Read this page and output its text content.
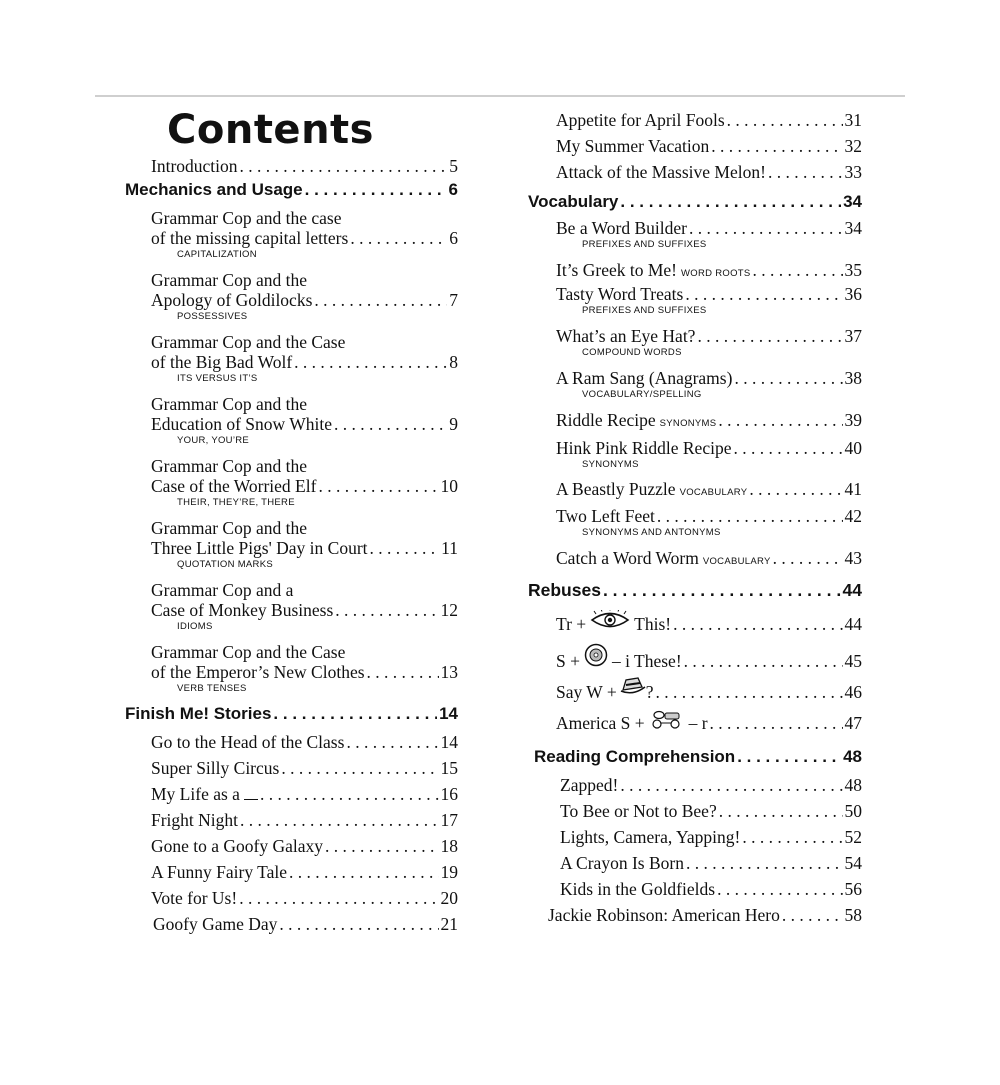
Contents
Introduction . . .	5
Mechanics and Usage . . .	6
Grammar Cop and the case
of the missing capital letters . . .	6
CAPITALIZATION
Grammar Cop and the
Apology of Goldilocks . . .	7
POSSESSIVES
Grammar Cop and the Case
of the Big Bad Wolf . . .	8
ITS VERSUS IT’S
Grammar Cop and the
Education of Snow White . . .	9
YOUR, YOU’RE
Grammar Cop and the
Case of the Worried Elf . . .	10
THEIR, THEY’RE, THERE
Grammar Cop and the
Three Little Pigs' Day in Court . . .	11
QUOTATION MARKS
Grammar Cop and a
Case of Monkey Business . . .	12
IDIOMS
Grammar Cop and the Case
of the Emperor’s New Clothes . . .	13
VERB TENSES
Finish Me! Stories . . .	14
Go to the Head of the Class . . .	14
Super Silly Circus . . .	15
My Life as a . . .	16
Fright Night . . .	17
Gone to a Goofy Galaxy . . .	18
A Funny Fairy Tale . . .	19
Vote for Us! . . .	20
Goofy Game Day . . .	21
Appetite for April Fools . . .	31
My Summer Vacation . . .	32
Attack of the Massive Melon! . . .	33
Vocabulary . . .	34
Be a Word Builder . . .	34
PREFIXES AND SUFFIXES
It’s Greek to Me! WORD ROOTS . . .	35
Tasty Word Treats . . .	36
PREFIXES AND SUFFIXES
What’s an Eye Hat? . . .	37
COMPOUND WORDS
A Ram Sang (Anagrams) . . .	38
VOCABULARY/SPELLING
Riddle Recipe SYNONYMS . . .	39
Hink Pink Riddle Recipe . . .	40
SYNONYMS
A Beastly Puzzle VOCABULARY . . .	41
Two Left Feet . . .	42
SYNONYMS AND ANTONYMS
Catch a Word Worm VOCABULARY . . .	43
Rebuses . . .	44
Tr +	This! . . .	44
S + – i These! . . .	45
Say W + ? . . .	46
America S +	– r . . .	47
Reading Comprehension . . .	48
Zapped! . . .	48
To Bee or Not to Bee? . . .	50
Lights, Camera, Yapping! . . .	52
A Crayon Is Born . . .	54
Kids in the Goldfields . . .	56
Jackie Robinson: American Hero . . .	58
